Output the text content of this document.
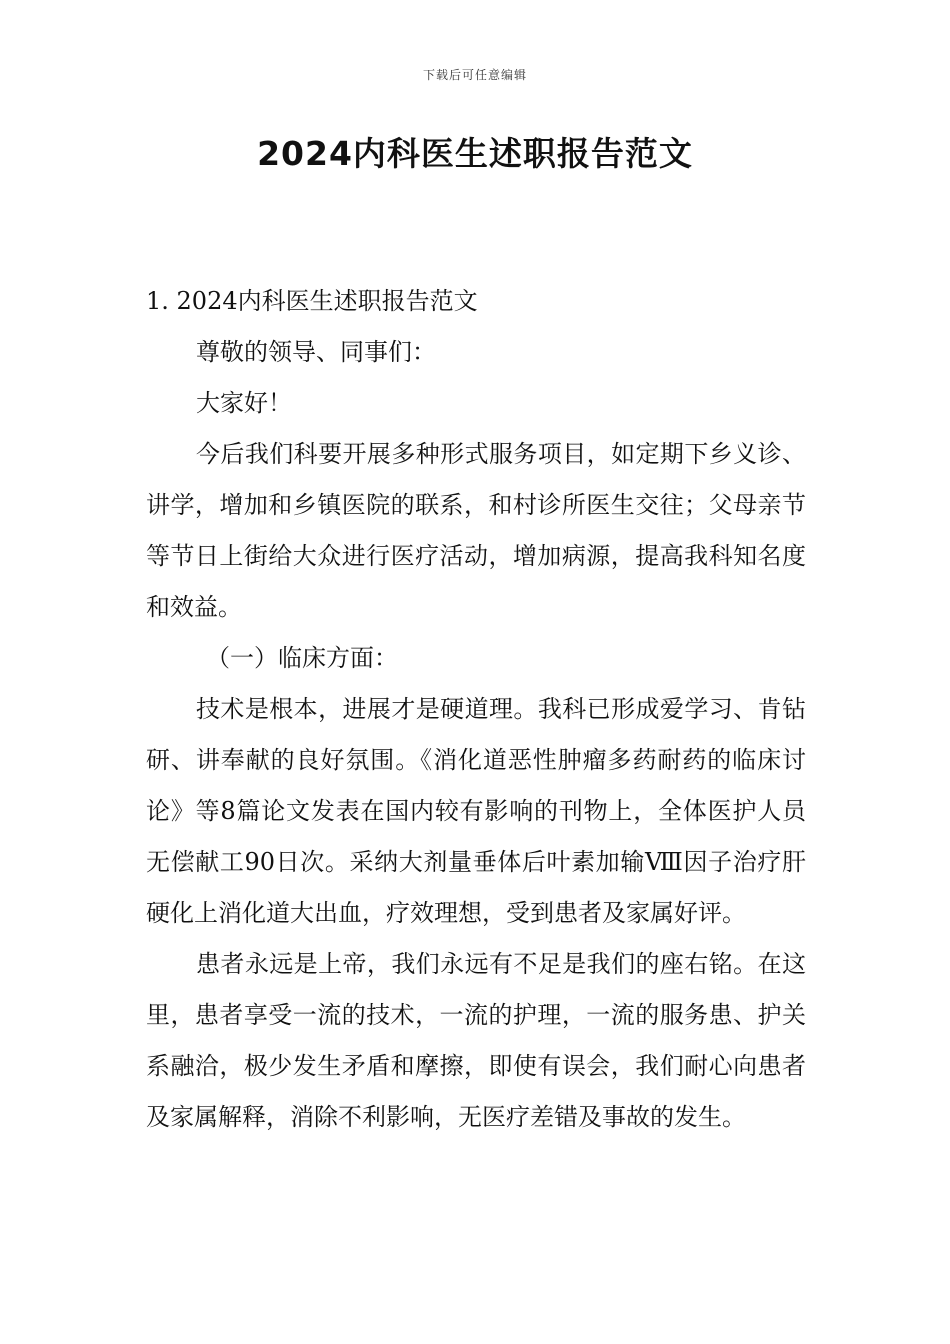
下载后可任意编辑
2024内科医生述职报告范文

1. 2024内科医生述职报告范文

尊敬的领导、同事们：

大家好！

今后我们科要开展多种形式服务项目，如定期下乡义诊、讲学，增加和乡镇医院的联系，和村诊所医生交往；父母亲节等节日上街给大众进行医疗活动，增加病源，提高我科知名度和效益。

（一）临床方面：

技术是根本，进展才是硬道理。我科已形成爱学习、肯钻研、讲奉献的良好氛围。《消化道恶性肿瘤多药耐药的临床讨论》等8篇论文发表在国内较有影响的刊物上，全体医护人员无偿献工90日次。采纳大剂量垂体后叶素加输Ⅷ因子治疗肝硬化上消化道大出血，疗效理想，受到患者及家属好评。

患者永远是上帝，我们永远有不足是我们的座右铭。在这里，患者享受一流的技术，一流的护理，一流的服务患、护关系融洽，极少发生矛盾和摩擦，即使有误会，我们耐心向患者及家属解释，消除不利影响，无医疗差错及事故的发生。
